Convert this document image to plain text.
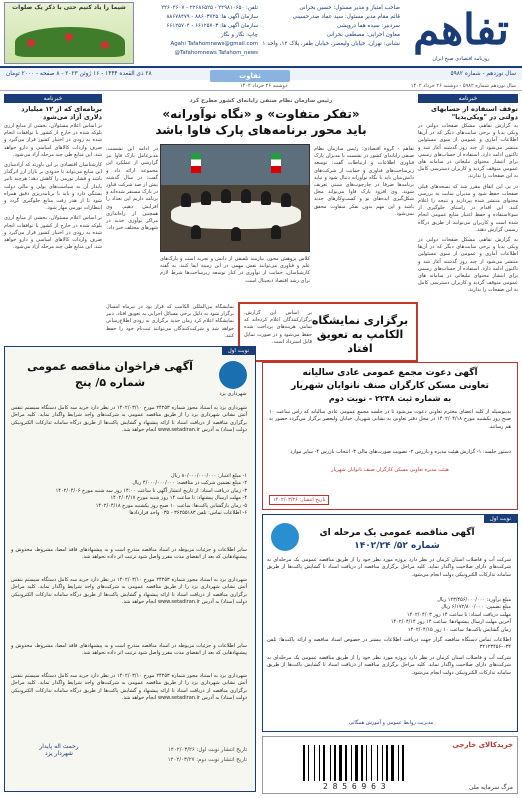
تفاهم
روزنامه اقتصادی صبح ایران
صاحب امتیاز و مدیر مسئول: حسین بحرانی
قائم مقام مدیر مسئول: سید عماد صدرحسینی
سردبیر: سیده هما درویشی
معاون اجرایی: مصطفی بحرانی
نشانی: تهران، خیابان ولیعصر، خیابان ظفر، پلاک ۱۲، واحد ۱
تلفن: ۲۲۹۸۱۰۶۵۰ - ۲۲۶۸۶۵۲۵ - ۲۲۶۰۴۶۰۷
سازمان آگهی ها: ۸۸۶۰۳۷۲۵ - ۸۸۶۷۸۴۷۹
سازمان آگهی ها: ۶۶۱۲۵۷۰۳ - ۶۶۱۲۵۷۰۴
چاپ: نگار و نگار
Agahi Tafahomnews@gmail.com
@Tafahomnews Tafahom_news
شیما را یاد کنیم حتی با ذکر یک صلوات
سال نوزدهم - شماره ۵۹۸۲
۲۸ ذی القعده ۱۴۴۴ - ۱۶ ژوئن ۲۰۲۳ - ۸ صفحه - ۲۰۰۰ تومان	تفاوت
سال نوزدهم شماره ۵۹۸۲ - دوشنبه ۲۶ خرداد ۱۴۰۲
دوشنبه ۲۶ خرداد ۱۴۰۲
خبرنامه
توقف استفاده از حسابهای دولتی در "ویکی‌پدیا"
به گزارش تفاهم، مشکل صفحات دولتی در ویکی پدیا و برخی سایت‌های دیگر که در آن‌ها اطلاعات آماری و عمومی از سوی مسئولین منتشر می‌شود از چند روز گذشته آغاز شد و تاکنون ادامه دارد. استفاده از حساب‌های رسمی برای انتشار محتوای تبلیغاتی در سامانه های عمومی متوقف گردید و کاربران دسترسی کامل به این صفحات را ندارند.
در پی این اتفاق مقرر شد که نسخه‌های قبلی صفحات حفظ شود و مدیران سایت به بررسی محتوای منتشر شده بپردازند و نتیجه را اعلام کنند. این اقدام در راستای جلوگیری از سوءاستفاده و حفظ اعتبار منابع عمومی انجام شده است و کاربران می‌توانند از طریق درگاه رسمی گزارش دهند.
به گزارش تفاهم، مشکل صفحات دولتی در ویکی پدیا و برخی سایت‌های دیگر که در آن‌ها اطلاعات آماری و عمومی از سوی مسئولین منتشر می‌شود از چند روز گذشته آغاز شد و تاکنون ادامه دارد. استفاده از حساب‌های رسمی برای انتشار محتوای تبلیغاتی در سامانه های عمومی متوقف گردید و کاربران دسترسی کامل به این صفحات را ندارند.
خبرنامه
برنامه‌ای که از ۱۲ میلیارد دلاری آزاد می‌شود
بر اساس اعلام مسئولان، بخشی از منابع ارزی بلوکه شده در خارج از کشور با توافقات انجام شده به زودی در اختیار کشور قرار می‌گیرد و صرف واردات کالاهای اساسی و دارو خواهد شد. این منابع طی چند مرحله آزاد می‌شود.
کارشناسان اقتصادی بر این باورند که آزادسازی این منابع می‌تواند تا حدودی بر بازار ارز اثرگذار باشد و فشار تورمی را کاهش دهد؛ هرچند تاثیر پایدار آن به سیاست‌های پولی و مالی دولت بستگی دارد و باید با برنامه‌ریزی دقیق همراه شود تا از هدر رفت منابع جلوگیری گردد و انتظارات تورمی مهار شود.
بر اساس اعلام مسئولان، بخشی از منابع ارزی بلوکه شده در خارج از کشور با توافقات انجام شده به زودی در اختیار کشور قرار می‌گیرد و صرف واردات کالاهای اساسی و دارو خواهد شد. این منابع طی چند مرحله آزاد می‌شود.
رئیس سازمان نظام صنفی رایانه‌ای کشور مطرح کرد
«تفکر متفاوت» و «نگاه نوآورانه»
باید محور برنامه‌های پارک فاوا باشد
تفاهم - گروه اقتصادی: رئیس سازمان نظام صنفی رایانه‌ای کشور در نشست با مدیران پارک فناوری اطلاعات و ارتباطات گفت: توسعه زیرساخت‌های فناوری و حمایت از شرکت‌های دانش‌بنیان باید با نگاه نوآورانه دنبال شود و نباید برنامه‌ها صرفا در چارچوب‌های سنتی تعریف شوند. وی افزود پارک فاوا می‌تواند محل شکل‌گیری ایده‌های نو و کسب‌وکارهای جدید باشد و این مهم بدون تفکر متفاوت محقق نمی‌شود.
در ادامه این نشست، مدیرعامل پارک فاوا نیز گزارشی از عملکرد این مجموعه ارائه داد و گفت: در سال گذشته بیش از صد شرکت فناور در پارک مستقر شده‌اند و برنامه داریم این تعداد را افزایش دهیم. وی همچنین از راه‌اندازی مراکز نوآوری جدید در شهرهای مختلف خبر داد.
کلاس پژوهش محور، نیازمند تلفیقی از دانش و تجربه است و پارک‌های علم و فناوری می‌توانند نقش مهمی در این زمینه ایفا کنند. به گفته کارشناسان، حمایت از نوآوری در کنار توسعه زیرساخت‌ها شرط لازم برای رشد اقتصاد دیجیتال است.
نمایشگاه بین‌المللی الکامپ که قرار بود در تیرماه امسال برگزار شود به دلیل برخی مسائل اجرایی به تعویق افتاد. دبیر نمایشگاه اعلام کرد زمان جدید برگزاری به زودی اطلاع‌رسانی خواهد شد و شرکت‌کنندگان می‌توانند ثبت‌نام خود را حفظ کنند.
برگزاری نمایشگاه الکامپ به تعویق افتاد
بر اساس این گزارش، برگزارکنندگان اعلام کرده‌اند که تمامی هزینه‌های پرداخت شده حفظ می‌شود و در صورت تمایل قابل استرداد است.
نوبت اول
شهرداری یزد
آگهی فراخوان مناقصه عمومی
شماره ۵/ پنج
شهرداری یزد به استناد مجوز شماره ۲۴۲۵۳ مورخ ۱۴۰۲/۰۳/۱۰ در نظر دارد خرید سه کامل دستگاه سیستم تنفس آتش نشانی شهرداری یزد را از طریق مناقصه عمومی به شرکت‌های واجد شرایط واگذار نماید. کلیه مراحل برگزاری مناقصه از دریافت اسناد تا ارائه پیشنهاد و گشایش پاکت‌ها از طریق درگاه سامانه تدارکات الکترونیکی دولت (ستاد) به آدرس www.setadiran.ir انجام خواهد شد.
۱- مبلغ اعتبار: ۸۰/۰۰۰/۰۰۰/۰۰۰ ریال
۲- مبلغ تضمین شرکت در مناقصه: ۴/۰۰۰/۰۰۰/۰۰۰ ریال
۳- زمان دریافت اسناد: از تاریخ انتشار آگهی تا ساعت ۱۴:۰۰ روز سه شنبه مورخ ۱۴۰۲/۰۴/۰۶
۴- مهلت ارسال پیشنهاد: تا ساعت ۱۴ روز شنبه مورخ ۱۴۰۲/۰۴/۱۷
۵- زمان بازگشایی پاکت‌ها: ساعت ۱۰ صبح روز یکشنبه مورخ ۱۴۰۲/۰۴/۱۸
۶- اطلاعات تماس: تلفن ۳۶۲۵۵۱۸۳ - ۰۳۵ واحد قراردادها
سایر اطلاعات و جزئیات مربوطه در اسناد مناقصه مندرج است و به پیشنهادهای فاقد امضا، مشروط، مخدوش و پیشنهادهایی که بعد از انقضای مدت مقرر واصل شود ترتیب اثر داده نخواهد شد.
شهرداری یزد به استناد مجوز شماره ۲۴۲۵۳ مورخ ۱۴۰۲/۰۳/۱۰ در نظر دارد خرید سه کامل دستگاه سیستم تنفس آتش نشانی شهرداری یزد را از طریق مناقصه عمومی به شرکت‌های واجد شرایط واگذار نماید. کلیه مراحل برگزاری مناقصه از دریافت اسناد تا ارائه پیشنهاد و گشایش پاکت‌ها از طریق درگاه سامانه تدارکات الکترونیکی دولت (ستاد) به آدرس www.setadiran.ir انجام خواهد شد.
سایر اطلاعات و جزئیات مربوطه در اسناد مناقصه مندرج است و به پیشنهادهای فاقد امضا، مشروط، مخدوش و پیشنهادهایی که بعد از انقضای مدت مقرر واصل شود ترتیب اثر داده نخواهد شد.
شهرداری یزد به استناد مجوز شماره ۲۴۲۵۳ مورخ ۱۴۰۲/۰۳/۱۰ در نظر دارد خرید سه کامل دستگاه سیستم تنفس آتش نشانی شهرداری یزد را از طریق مناقصه عمومی به شرکت‌های واجد شرایط واگذار نماید. کلیه مراحل برگزاری مناقصه از دریافت اسناد تا ارائه پیشنهاد و گشایش پاکت‌ها از طریق درگاه سامانه تدارکات الکترونیکی دولت (ستاد) به آدرس www.setadiran.ir انجام خواهد شد.
رحمت اله پایدار
شهردار یزد	تاریخ انتشار نوبت اول: ۱۴۰۲/۰۳/۲۶
تاریخ انتشار نوبت دوم: ۱۴۰۲/۰۳/۲۷
آگهی دعوت مجمع عمومی عادی سالیانه
تعاونی مسکن کارگران صنف نانوایان شهریار
به شماره ثبت ۲۲۳۸ - نوبت دوم
بدینوسیله از کلیه اعضای محترم تعاونی دعوت می‌شود تا در جلسه مجمع عمومی عادی سالیانه که راس ساعت ۱۰ صبح روز یکشنبه مورخ ۱۴۰۲/۰۴/۱۸ در محل دفتر تعاونی به نشانی شهریار، خیابان ولیعصر برگزار می‌گردد حضور به هم رسانند.
دستور جلسه: ۱- گزارش هیئت مدیره و بازرس ۲- تصویب صورت‌های مالی ۳- انتخاب بازرس ۴- سایر موارد
هیئت مدیره تعاونی مسکن کارگران صنف نانوایان شهریار
تاریخ انتشار: ۱۴۰۲/۰۳/۲۶
نوبت اول
آگهی مناقصه عمومی یک مرحله ای
شماره ۵۲/ ۱۴۰۲/۲۴
شرکت آب و فاضلاب استان کرمان در نظر دارد پروژه مورد نظر خود را از طریق مناقصه عمومی یک مرحله‌ای به شرکت‌های دارای صلاحیت واگذار نماید. کلیه مراحل برگزاری مناقصه از دریافت اسناد تا گشایش پاکت‌ها از طریق سامانه تدارکات الکترونیکی دولت انجام می‌شود.
مبلغ برآورد: ۱۲۳/۴۵۶/۰۰۰/۰۰۰ ریال
مبلغ تضمین: ۶/۱۷۲/۸۰۰/۰۰۰ ریال
مهلت دریافت اسناد: تا ساعت ۱۴ روز ۱۴۰۲/۰۴/۰۳
آخرین مهلت ارسال پیشنهادها: ساعت ۱۴ روز ۱۴۰۲/۰۴/۱۴
زمان گشایش پاکت‌ها: ساعت ۱۰ روز ۱۴۰۲/۰۴/۱۵
اطلاعات تماس دستگاه مناقصه گزار جهت دریافت اطلاعات بیشتر در خصوص اسناد مناقصه و ارائه پاکت‌ها: تلفن ۰۳۴-۳۲۱۲۳۴۵۶
شرکت آب و فاضلاب استان کرمان در نظر دارد پروژه مورد نظر خود را از طریق مناقصه عمومی یک مرحله‌ای به شرکت‌های دارای صلاحیت واگذار نماید. کلیه مراحل برگزاری مناقصه از دریافت اسناد تا گشایش پاکت‌ها از طریق سامانه تدارکات الکترونیکی دولت انجام می‌شود.
مدیریت روابط عمومی و آموزش همگانی
خریدکالای خارجی
2 8 5 6 9 6 3	مرگ سرمایه ملی
